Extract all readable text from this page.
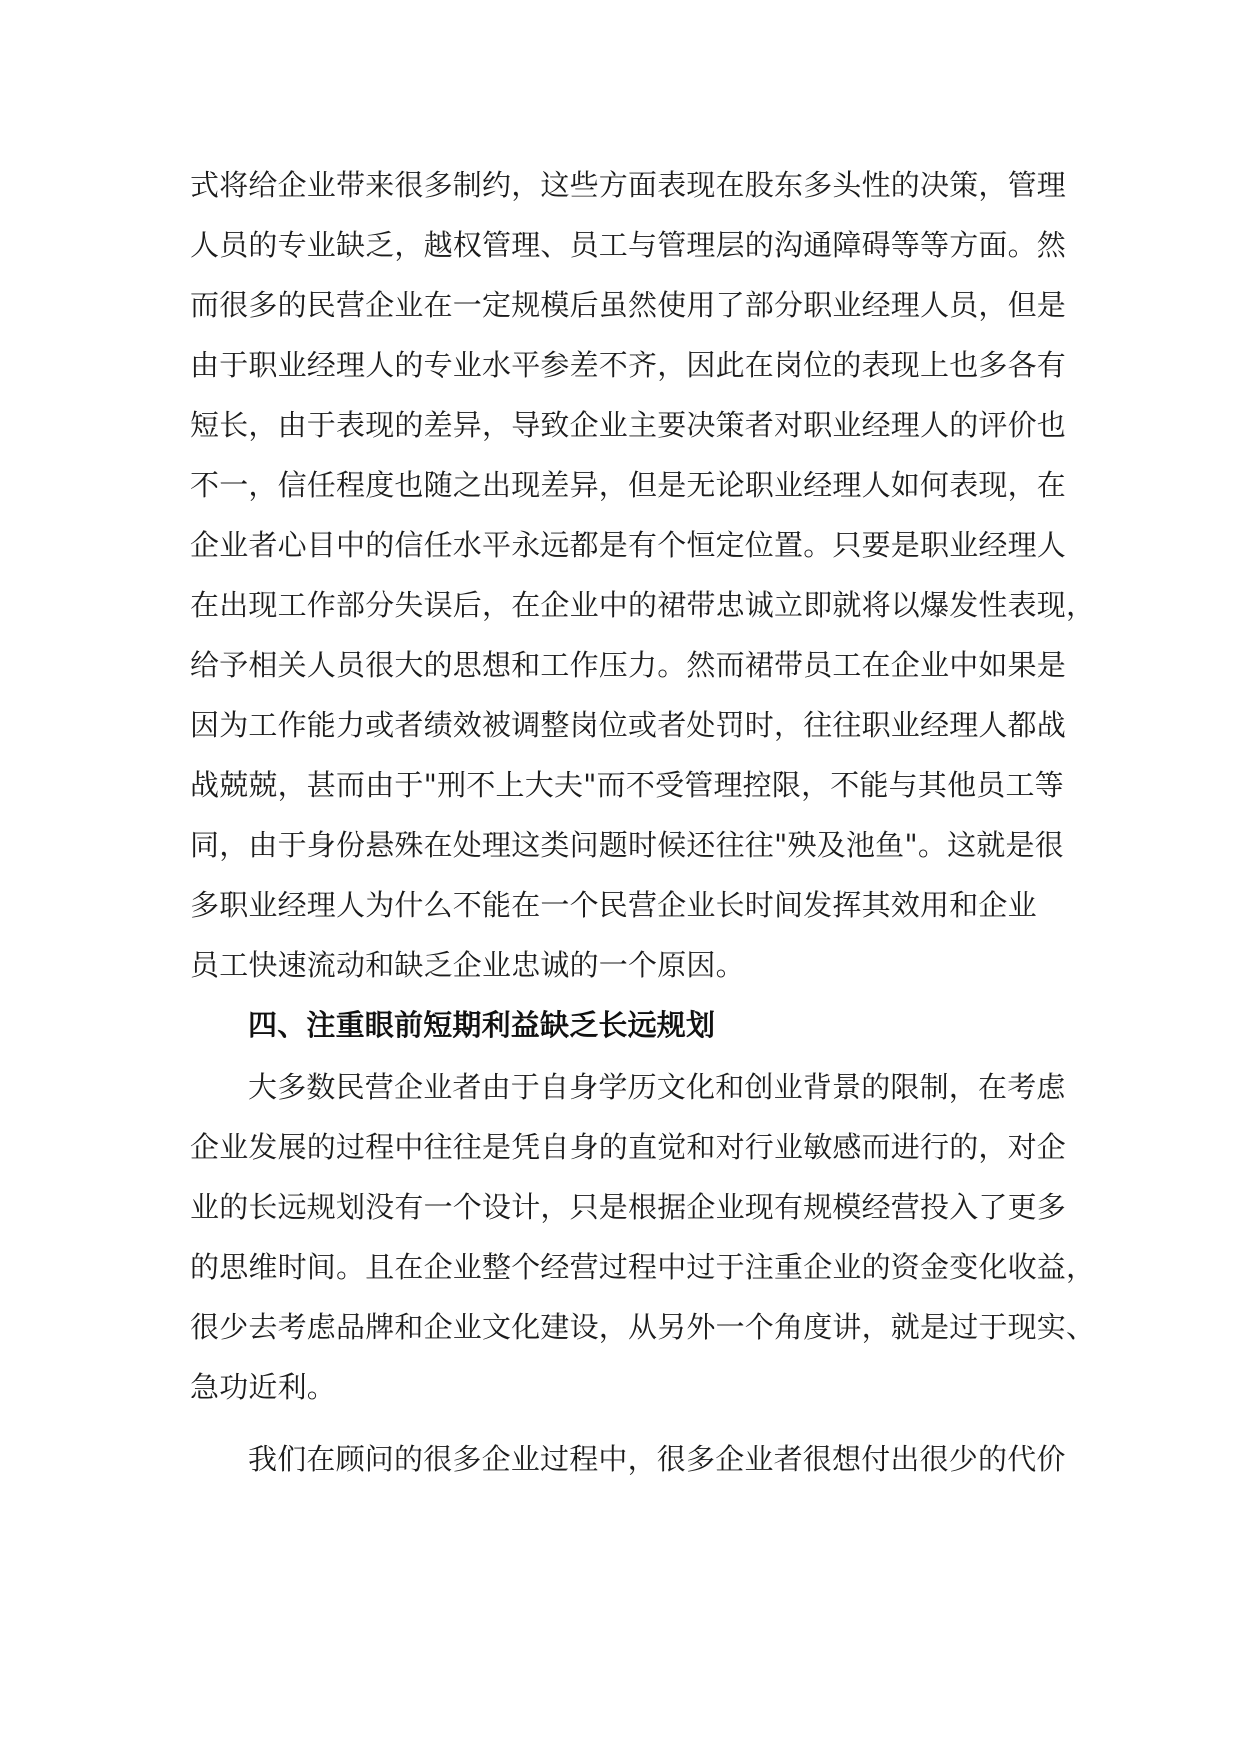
式将给企业带来很多制约，这些方面表现在股东多头性的决策，管理

人员的专业缺乏，越权管理、员工与管理层的沟通障碍等等方面。然

而很多的民营企业在一定规模后虽然使用了部分职业经理人员，但是

由于职业经理人的专业水平参差不齐，因此在岗位的表现上也多各有

短长，由于表现的差异，导致企业主要决策者对职业经理人的评价也

不一，信任程度也随之出现差异，但是无论职业经理人如何表现，在

企业者心目中的信任水平永远都是有个恒定位置。只要是职业经理人

在出现工作部分失误后，在企业中的裙带忠诚立即就将以爆发性表现，

给予相关人员很大的思想和工作压力。然而裙带员工在企业中如果是

因为工作能力或者绩效被调整岗位或者处罚时，往往职业经理人都战

战兢兢，甚而由于"刑不上大夫"而不受管理控限，不能与其他员工等

同，由于身份悬殊在处理这类问题时候还往往"殃及池鱼"。这就是很

多职业经理人为什么不能在一个民营企业长时间发挥其效用和企业

员工快速流动和缺乏企业忠诚的一个原因。

四、注重眼前短期利益缺乏长远规划

大多数民营企业者由于自身学历文化和创业背景的限制，在考虑

企业发展的过程中往往是凭自身的直觉和对行业敏感而进行的，对企

业的长远规划没有一个设计，只是根据企业现有规模经营投入了更多

的思维时间。且在企业整个经营过程中过于注重企业的资金变化收益，

很少去考虑品牌和企业文化建设，从另外一个角度讲，就是过于现实、

急功近利。

我们在顾问的很多企业过程中，很多企业者很想付出很少的代价
